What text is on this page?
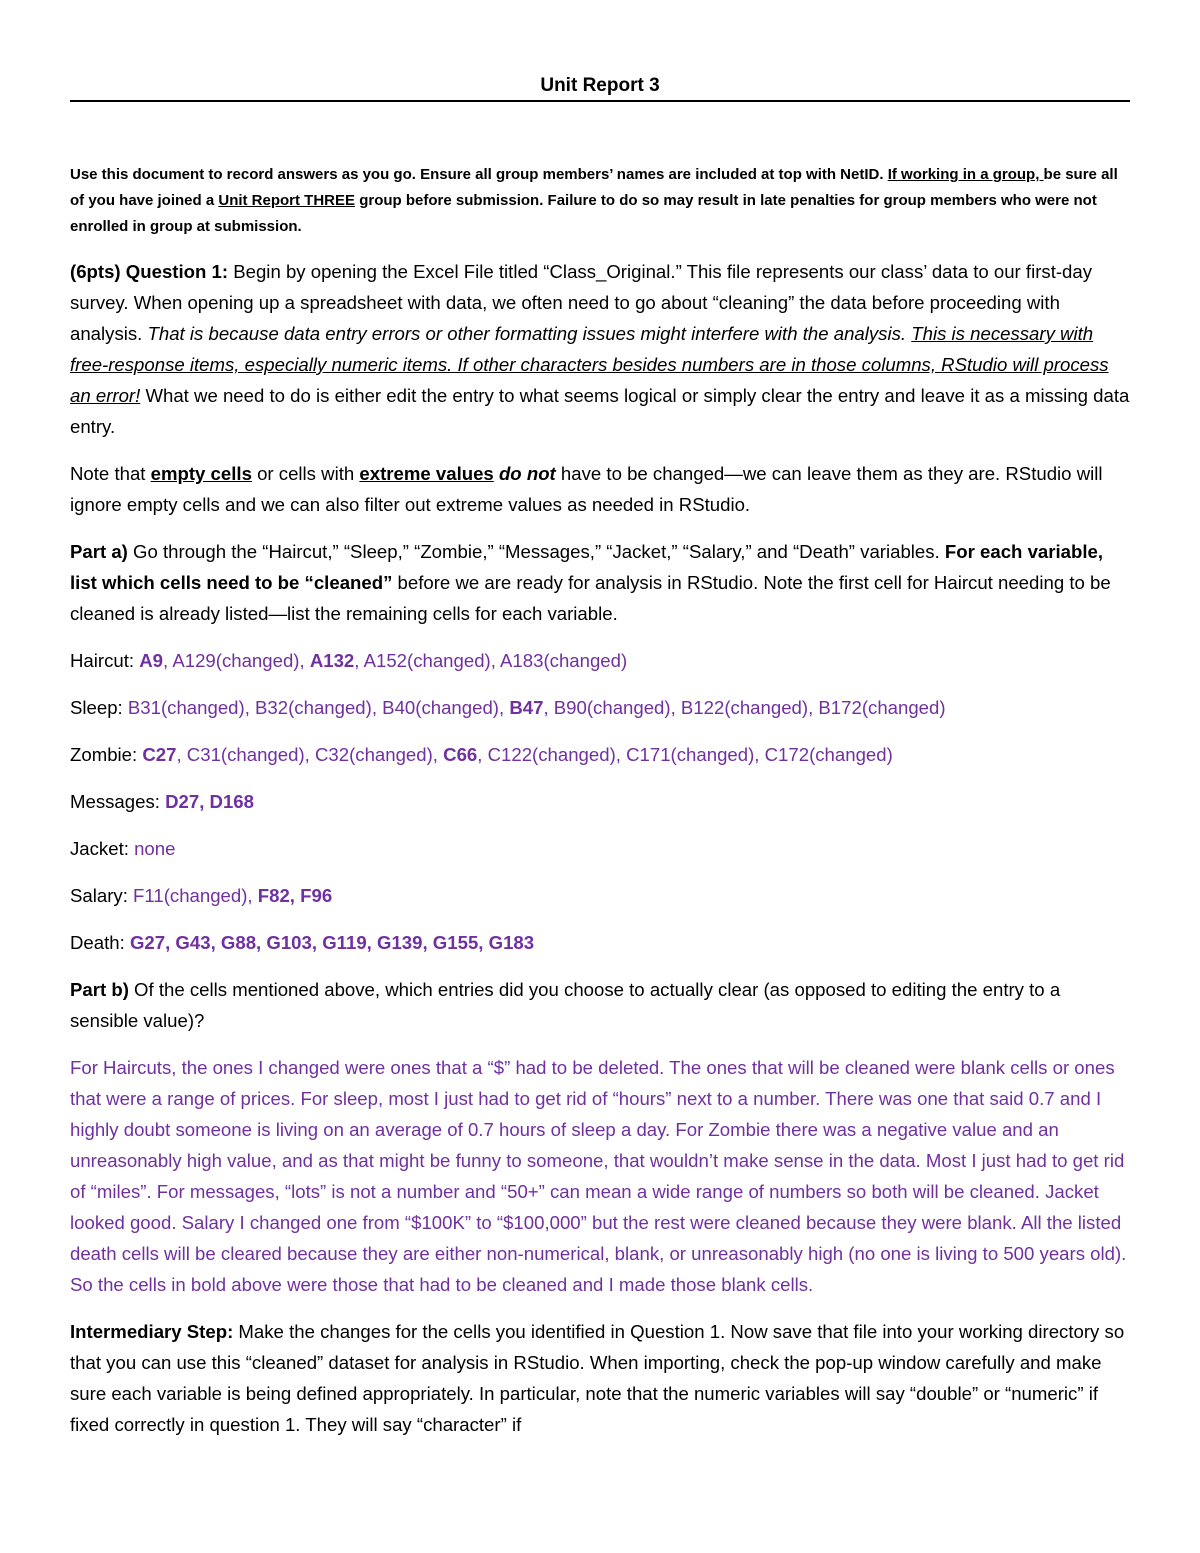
Unit Report 3
Use this document to record answers as you go. Ensure all group members’ names are included at top with NetID. If working in a group, be sure all of you have joined a Unit Report THREE group before submission. Failure to do so may result in late penalties for group members who were not enrolled in group at submission.

(6pts) Question 1: Begin by opening the Excel File titled “Class_Original.” This file represents our class’ data to our first-day survey. When opening up a spreadsheet with data, we often need to go about “cleaning” the data before proceeding with analysis. That is because data entry errors or other formatting issues might interfere with the analysis. This is necessary with free-response items, especially numeric items. If other characters besides numbers are in those columns, RStudio will process an error! What we need to do is either edit the entry to what seems logical or simply clear the entry and leave it as a missing data entry.

Note that empty cells or cells with extreme values do not have to be changed—we can leave them as they are. RStudio will ignore empty cells and we can also filter out extreme values as needed in RStudio.

Part a) Go through the “Haircut,” “Sleep,” “Zombie,” “Messages,” “Jacket,” “Salary,” and “Death” variables. For each variable, list which cells need to be “cleaned” before we are ready for analysis in RStudio. Note the first cell for Haircut needing to be cleaned is already listed—list the remaining cells for each variable.

Haircut: A9, A129(changed), A132, A152(changed), A183(changed)

Sleep: B31(changed), B32(changed), B40(changed), B47, B90(changed), B122(changed), B172(changed)

Zombie: C27, C31(changed), C32(changed), C66, C122(changed), C171(changed), C172(changed)

Messages: D27, D168

Jacket: none

Salary: F11(changed), F82, F96

Death: G27, G43, G88, G103, G119, G139, G155, G183

Part b) Of the cells mentioned above, which entries did you choose to actually clear (as opposed to editing the entry to a sensible value)?

For Haircuts, the ones I changed were ones that a “$” had to be deleted. The ones that will be cleaned were blank cells or ones that were a range of prices. For sleep, most I just had to get rid of “hours” next to a number. There was one that said 0.7 and I highly doubt someone is living on an average of 0.7 hours of sleep a day. For Zombie there was a negative value and an unreasonably high value, and as that might be funny to someone, that wouldn’t make sense in the data. Most I just had to get rid of “miles”. For messages, “lots” is not a number and “50+” can mean a wide range of numbers so both will be cleaned. Jacket looked good. Salary I changed one from “$100K” to “$100,000” but the rest were cleaned because they were blank. All the listed death cells will be cleared because they are either non-numerical, blank, or unreasonably high (no one is living to 500 years old). So the cells in bold above were those that had to be cleaned and I made those blank cells.

Intermediary Step: Make the changes for the cells you identified in Question 1. Now save that file into your working directory so that you can use this “cleaned” dataset for analysis in RStudio. When importing, check the pop-up window carefully and make sure each variable is being defined appropriately. In particular, note that the numeric variables will say “double” or “numeric” if fixed correctly in question 1. They will say “character” if
